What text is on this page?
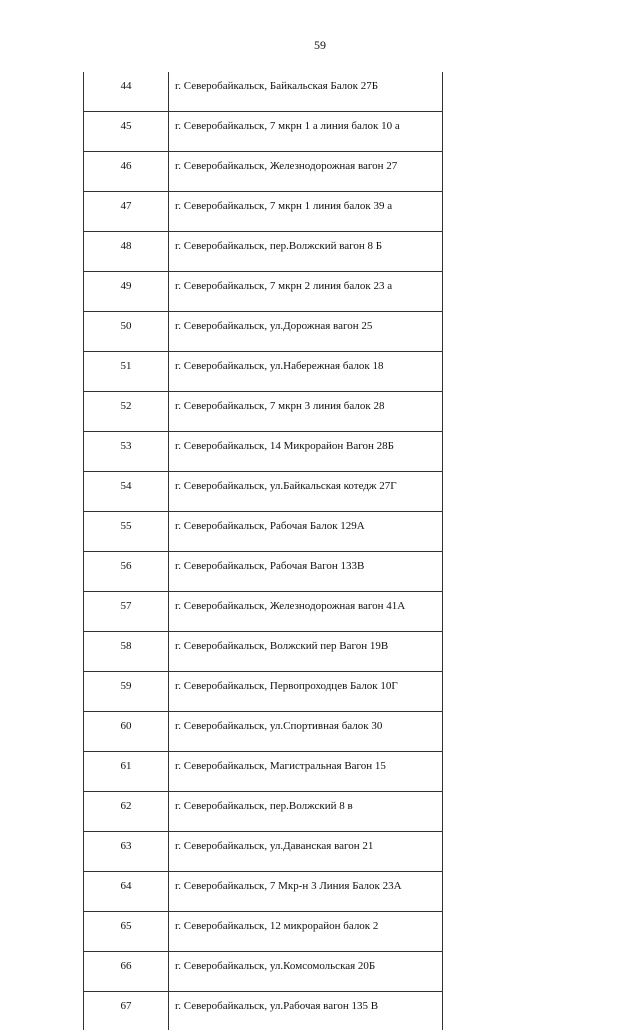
59
44	г. Северобайкальск, Байкальская Балок 27Б
45	г. Северобайкальск, 7 мкрн 1 а линия балок 10 а
46	г. Северобайкальск, Железнодорожная вагон 27
47	г. Северобайкальск, 7 мкрн 1 линия балок 39 а
48	г. Северобайкальск, пер.Волжский вагон 8 Б
49	г. Северобайкальск, 7 мкрн 2 линия балок 23 а
50	г. Северобайкальск, ул.Дорожная вагон 25
51	г. Северобайкальск, ул.Набережная балок 18
52	г. Северобайкальск, 7 мкрн 3 линия балок 28
53	г. Северобайкальск, 14 Микрорайон Вагон 28Б
54	г. Северобайкальск, ул.Байкальская котедж 27Г
55	г. Северобайкальск, Рабочая Балок 129А
56	г. Северобайкальск, Рабочая Вагон 133В
57	г. Северобайкальск, Железнодорожная вагон 41А
58	г. Северобайкальск, Волжский пер Вагон 19В
59	г. Северобайкальск, Первопроходцев Балок 10Г
60	г. Северобайкальск, ул.Спортивная балок 30
61	г. Северобайкальск, Магистральная Вагон 15
62	г. Северобайкальск, пер.Волжский 8 в
63	г. Северобайкальск, ул.Даванская вагон 21
64	г. Северобайкальск, 7 Мкр-н 3 Линия Балок 23А
65	г. Северобайкальск, 12 микрорайон балок 2
66	г. Северобайкальск, ул.Комсомольская 20Б
67	г. Северобайкальск, ул.Рабочая вагон 135 В
